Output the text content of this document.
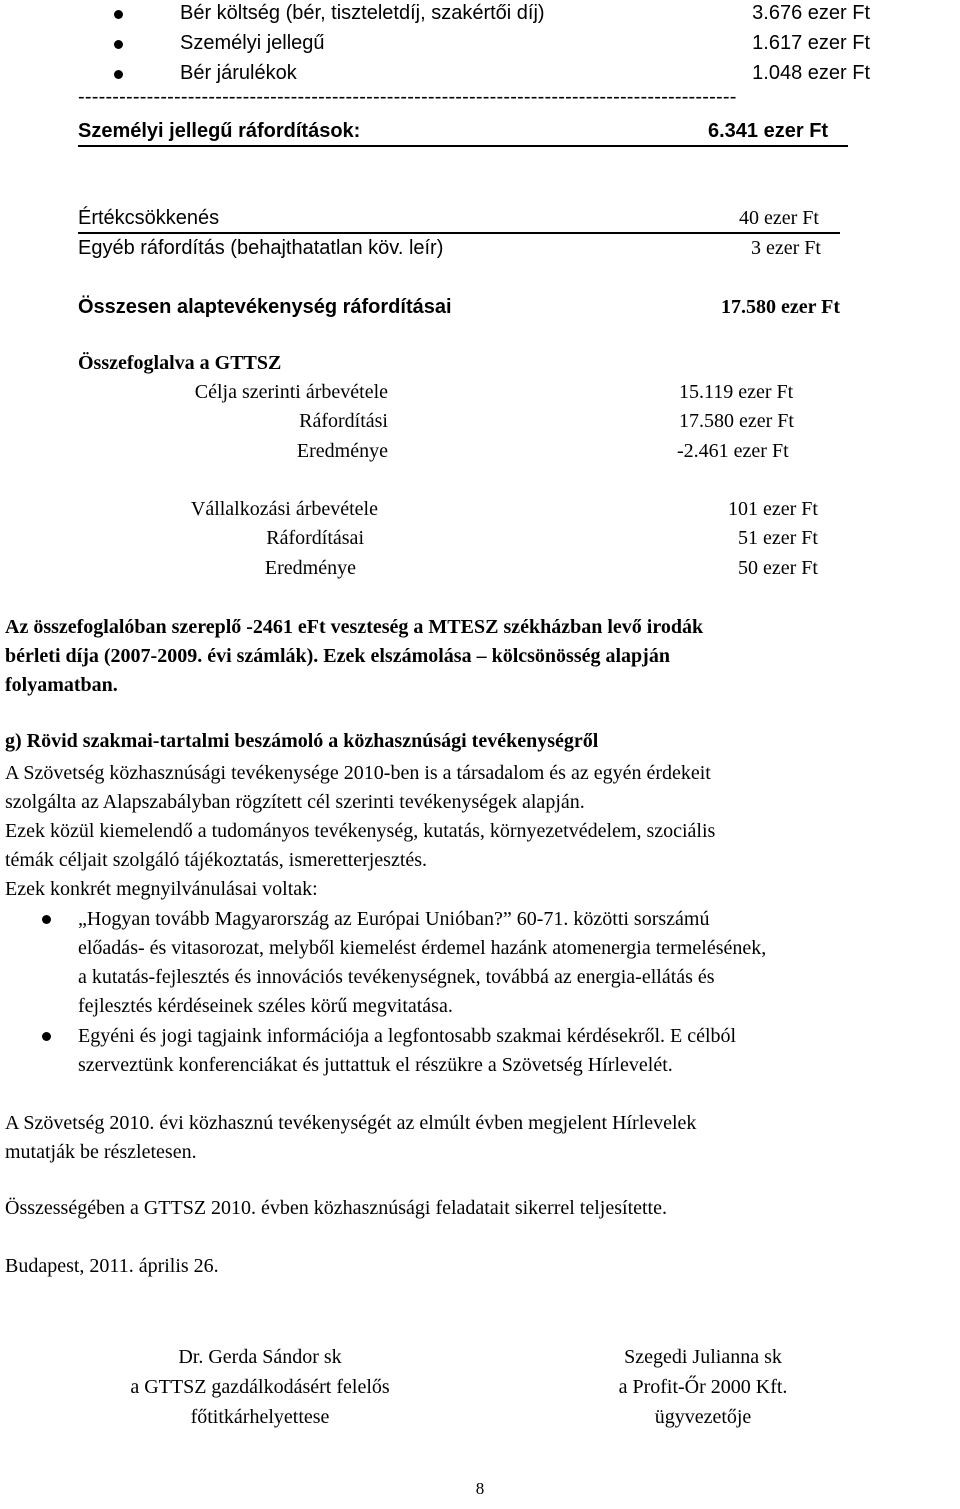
Bér költség (bér, tiszteletdíj, szakértői díj)	3.676 ezer Ft
Személyi jellegű	1.617 ezer Ft
Bér járulékok	1.048 ezer Ft
------------------------------------------------------------------------------------------------
Személyi jellegű ráfordítások:	6.341 ezer Ft
Értékcsökkenés	40 ezer Ft
Egyéb ráfordítás (behajthatatlan köv. leír)	3 ezer Ft
Összesen alaptevékenység ráfordításai	17.580 ezer Ft
Összefoglalva a GTTSZ
Célja szerinti árbevétele	15.119 ezer Ft
Ráfordítási	17.580 ezer Ft
Eredménye	-2.461 ezer Ft
Vállalkozási árbevétele	101 ezer Ft
Ráfordításai	51 ezer Ft
Eredménye	50 ezer Ft
Az összefoglalóban szereplő -2461 eFt veszteség a MTESZ székházban levő irodák
bérleti díja (2007-2009. évi számlák). Ezek elszámolása – kölcsönösség alapján
folyamatban.
g) Rövid szakmai-tartalmi beszámoló a közhasznúsági tevékenységről
A Szövetség közhasznúsági tevékenysége 2010-ben is a társadalom és az egyén érdekeit
szolgálta az Alapszabályban rögzített cél szerinti tevékenységek alapján.
Ezek közül kiemelendő a tudományos tevékenység, kutatás, környezetvédelem, szociális
témák céljait szolgáló tájékoztatás, ismeretterjesztés.
Ezek konkrét megnyilvánulásai voltak:
„Hogyan tovább Magyarország az Európai Unióban?” 60-71. közötti sorszámú
előadás- és vitasorozat, melyből kiemelést érdemel hazánk atomenergia termelésének,
a kutatás-fejlesztés és innovációs tevékenységnek, továbbá az energia-ellátás és
fejlesztés kérdéseinek széles körű megvitatása.
Egyéni és jogi tagjaink információja a legfontosabb szakmai kérdésekről. E célból
szerveztünk konferenciákat és juttattuk el részükre a Szövetség Hírlevelét.
A Szövetség 2010. évi közhasznú tevékenységét az elmúlt évben megjelent Hírlevelek
mutatják be részletesen.
Összességében a GTTSZ 2010. évben közhasznúsági feladatait sikerrel teljesítette.
Budapest, 2011. április 26.
Dr. Gerda Sándor sk
a GTTSZ gazdálkodásért felelős
főtitkárhelyettese
Szegedi Julianna sk
a Profit-Őr 2000 Kft.
ügyvezetője
8
